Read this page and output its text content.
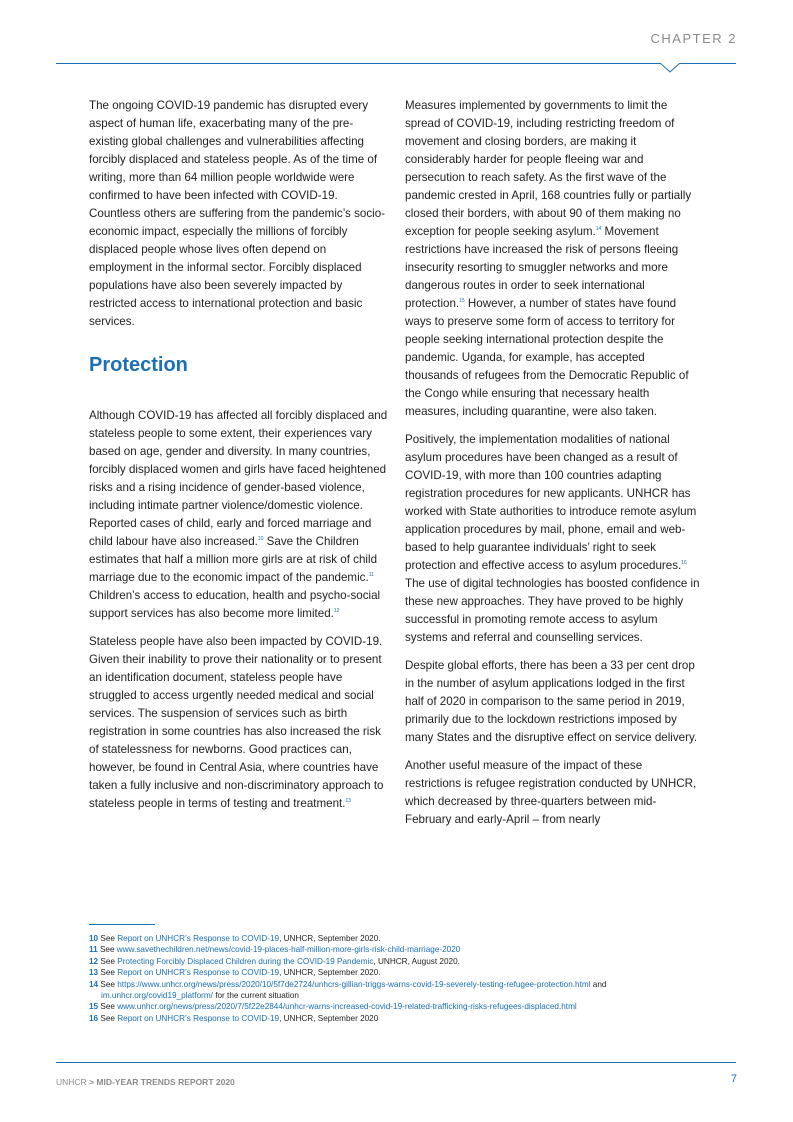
CHAPTER 2

The ongoing COVID-19 pandemic has disrupted every aspect of human life, exacerbating many of the pre-existing global challenges and vulnerabilities affecting forcibly displaced and stateless people. As of the time of writing, more than 64 million people worldwide were confirmed to have been infected with COVID-19. Countless others are suffering from the pandemic’s socio-economic impact, especially the millions of forcibly displaced people whose lives often depend on employment in the informal sector. Forcibly displaced populations have also been severely impacted by restricted access to international protection and basic services.

Protection

Although COVID-19 has affected all forcibly displaced and stateless people to some extent, their experiences vary based on age, gender and diversity. In many countries, forcibly displaced women and girls have faced heightened risks and a rising incidence of gender-based violence, including intimate partner violence/domestic violence. Reported cases of child, early and forced marriage and child labour have also increased.$^{10}$ Save the Children estimates that half a million more girls are at risk of child marriage due to the economic impact of the pandemic.$^{11}$ Children’s access to education, health and psycho-social support services has also become more limited.$^{12}$

Stateless people have also been impacted by COVID-19. Given their inability to prove their nationality or to present an identification document, stateless people have struggled to access urgently needed medical and social services. The suspension of services such as birth registration in some countries has also increased the risk of statelessness for newborns. Good practices can, however, be found in Central Asia, where countries have taken a fully inclusive and non-discriminatory approach to stateless people in terms of testing and treatment.$^{13}$

Measures implemented by governments to limit the spread of COVID-19, including restricting freedom of movement and closing borders, are making it considerably harder for people fleeing war and persecution to reach safety. As the first wave of the pandemic crested in April, 168 countries fully or partially closed their borders, with about 90 of them making no exception for people seeking asylum.$^{14}$ Movement restrictions have increased the risk of persons fleeing insecurity resorting to smuggler networks and more dangerous routes in order to seek international protection.$^{15}$ However, a number of states have found ways to preserve some form of access to territory for people seeking international protection despite the pandemic. Uganda, for example, has accepted thousands of refugees from the Democratic Republic of the Congo while ensuring that necessary health measures, including quarantine, were also taken.

Positively, the implementation modalities of national asylum procedures have been changed as a result of COVID-19, with more than 100 countries adapting registration procedures for new applicants. UNHCR has worked with State authorities to introduce remote asylum application procedures by mail, phone, email and web-based to help guarantee individuals’ right to seek protection and effective access to asylum procedures.$^{16}$ The use of digital technologies has boosted confidence in these new approaches. They have proved to be highly successful in promoting remote access to asylum systems and referral and counselling services.

Despite global efforts, there has been a 33 per cent drop in the number of asylum applications lodged in the first half of 2020 in comparison to the same period in 2019, primarily due to the lockdown restrictions imposed by many States and the disruptive effect on service delivery.

Another useful measure of the impact of these restrictions is refugee registration conducted by UNHCR, which decreased by three-quarters between mid-February and early-April – from nearly

10 See Report on UNHCR’s Response to COVID-19, UNHCR, September 2020.

11 See www.savethechildren.net/news/covid-19-places-half-million-more-girls-risk-child-marriage-2020

12 See Protecting Forcibly Displaced Children during the COVID-19 Pandemic, UNHCR, August 2020.

13 See Report on UNHCR’s Response to COVID-19, UNHCR, September 2020.

14 See https://www.unhcr.org/news/press/2020/10/5f7de2724/unhcrs-gillian-triggs-warns-covid-19-severely-testing-refugee-protection.html and
im.unhcr.org/covid19_platform/ for the current situation

15 See www.unhcr.org/news/press/2020/7/5f22e2844/unhcr-warns-increased-covid-19-related-trafficking-risks-refugees-displaced.html

16 See Report on UNHCR’s Response to COVID-19, UNHCR, September 2020

UNHCR > MID-YEAR TRENDS REPORT 2020	7
